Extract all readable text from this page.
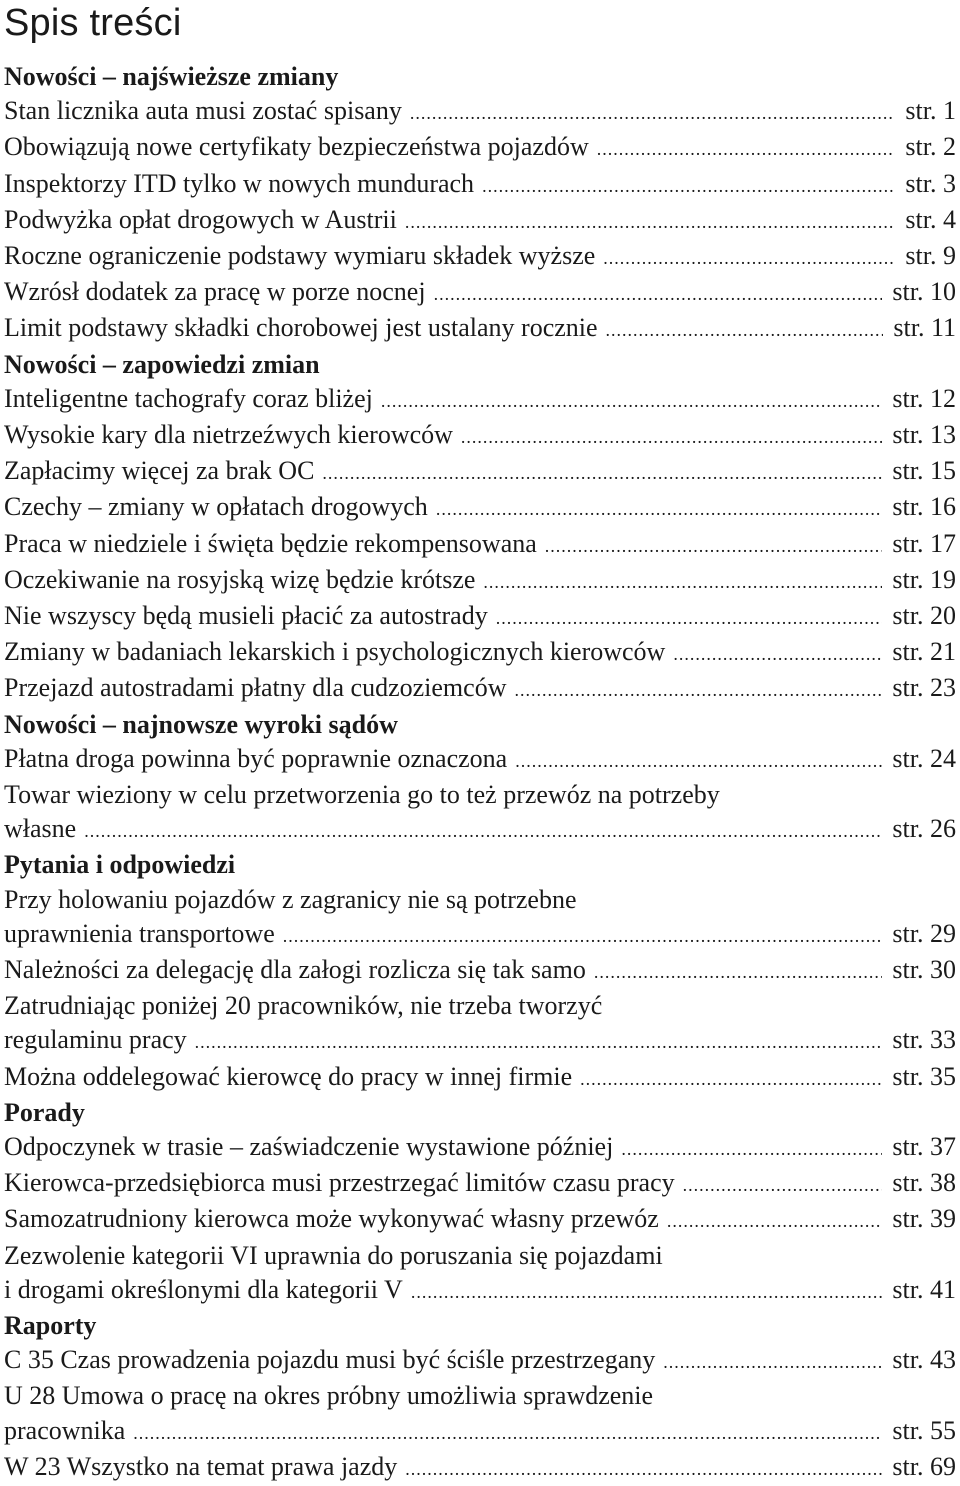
Spis treści
Nowości – najświeższe zmiany
Stan licznika auta musi zostać spisany .....	str. 1
Obowiązują nowe certyfikaty bezpieczeństwa pojazdów .....	str. 2
Inspektorzy ITD tylko w nowych mundurach .....	str. 3
Podwyżka opłat drogowych w Austrii .....	str. 4
Roczne ograniczenie podstawy wymiaru składek wyższe .....	str. 9
Wzrósł dodatek za pracę w porze nocnej .....	str. 10
Limit podstawy składki chorobowej jest ustalany rocznie .....	str. 11
Nowości – zapowiedzi zmian
Inteligentne tachografy coraz bliżej .....	str. 12
Wysokie kary dla nietrzeźwych kierowców .....	str. 13
Zapłacimy więcej za brak OC .....	str. 15
Czechy – zmiany w opłatach drogowych .....	str. 16
Praca w niedziele i święta będzie rekompensowana .....	str. 17
Oczekiwanie na rosyjską wizę będzie krótsze .....	str. 19
Nie wszyscy będą musieli płacić za autostrady .....	str. 20
Zmiany w badaniach lekarskich i psychologicznych kierowców .....	str. 21
Przejazd autostradami płatny dla cudzoziemców .....	str. 23
Nowości – najnowsze wyroki sądów
Płatna droga powinna być poprawnie oznaczona .....	str. 24
Towar wieziony w celu przetworzenia go to też przewóz na potrzeby
własne .....	str. 26
Pytania i odpowiedzi
Przy holowaniu pojazdów z zagranicy nie są potrzebne
uprawnienia transportowe .....	str. 29
Należności za delegację dla załogi rozlicza się tak samo .....	str. 30
Zatrudniając poniżej 20 pracowników, nie trzeba tworzyć
regulaminu pracy .....	str. 33
Można oddelegować kierowcę do pracy w innej firmie .....	str. 35
Porady
Odpoczynek w trasie – zaświadczenie wystawione później .....	str. 37
Kierowca-przedsiębiorca musi przestrzegać limitów czasu pracy .....	str. 38
Samozatrudniony kierowca może wykonywać własny przewóz .....	str. 39
Zezwolenie kategorii VI uprawnia do poruszania się pojazdami
i drogami określonymi dla kategorii V .....	str. 41
Raporty
C 35 Czas prowadzenia pojazdu musi być ściśle przestrzegany .....	str. 43
U 28 Umowa o pracę na okres próbny umożliwia sprawdzenie
pracownika .....	str. 55
W 23 Wszystko na temat prawa jazdy .....	str. 69
